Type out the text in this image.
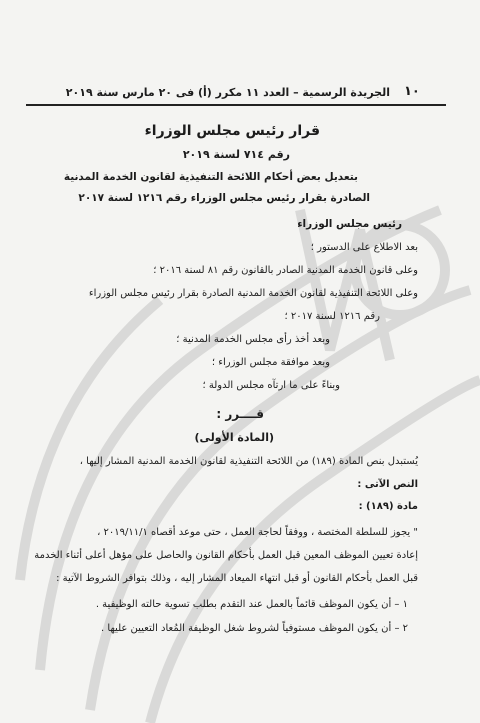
١٠
الجريدة الرسمية – العدد ١١ مكرر (أ) فى ٢٠ مارس سنة ٢٠١٩
قرار رئيس مجلس الوزراء
رقم ٧١٤ لسنة ٢٠١٩
بتعديل بعض أحكام اللائحة التنفيذية لقانون الخدمة المدنية
الصادرة بقرار رئيس مجلس الوزراء رقم ١٢١٦ لسنة ٢٠١٧
رئيس مجلس الوزراء
بعد الاطلاع على الدستور ؛
وعلى قانون الخدمة المدنية الصادر بالقانون رقم ٨١ لسنة ٢٠١٦ ؛
وعلى اللائحة التنفيذية لقانون الخدمة المدنية الصادرة بقرار رئيس مجلس الوزراء
رقم ١٢١٦ لسنة ٢٠١٧ ؛
وبعد أخذ رأى مجلس الخدمة المدنية ؛
وبعد موافقة مجلس الوزراء ؛
وبناءً على ما ارتآه مجلس الدولة ؛
قــــرر :
(المادة الأولى)
يُستبدل بنص المادة (١٨٩) من اللائحة التنفيذية لقانون الخدمة المدنية المشار إليها ،
النص الآتى :
مادة (١٨٩) :
" يجوز للسلطة المختصة ، ووفقاً لحاجة العمل ، حتى موعد أقصاه ٢٠١٩/١١/١ ،
إعادة تعيين الموظف المعين قبل العمل بأحكام القانون والحاصل على مؤهل أعلى أثناء الخدمة
قبل العمل بأحكام القانون أو قبل انتهاء الميعاد المشار إليه ، وذلك بتوافر الشروط الآتية :
١ – أن يكون الموظف قائماً بالعمل عند التقدم بطلب تسوية حالته الوظيفية .
٢ – أن يكون الموظف مستوفياً لشروط شغل الوظيفة المُعاد التعيين عليها .
